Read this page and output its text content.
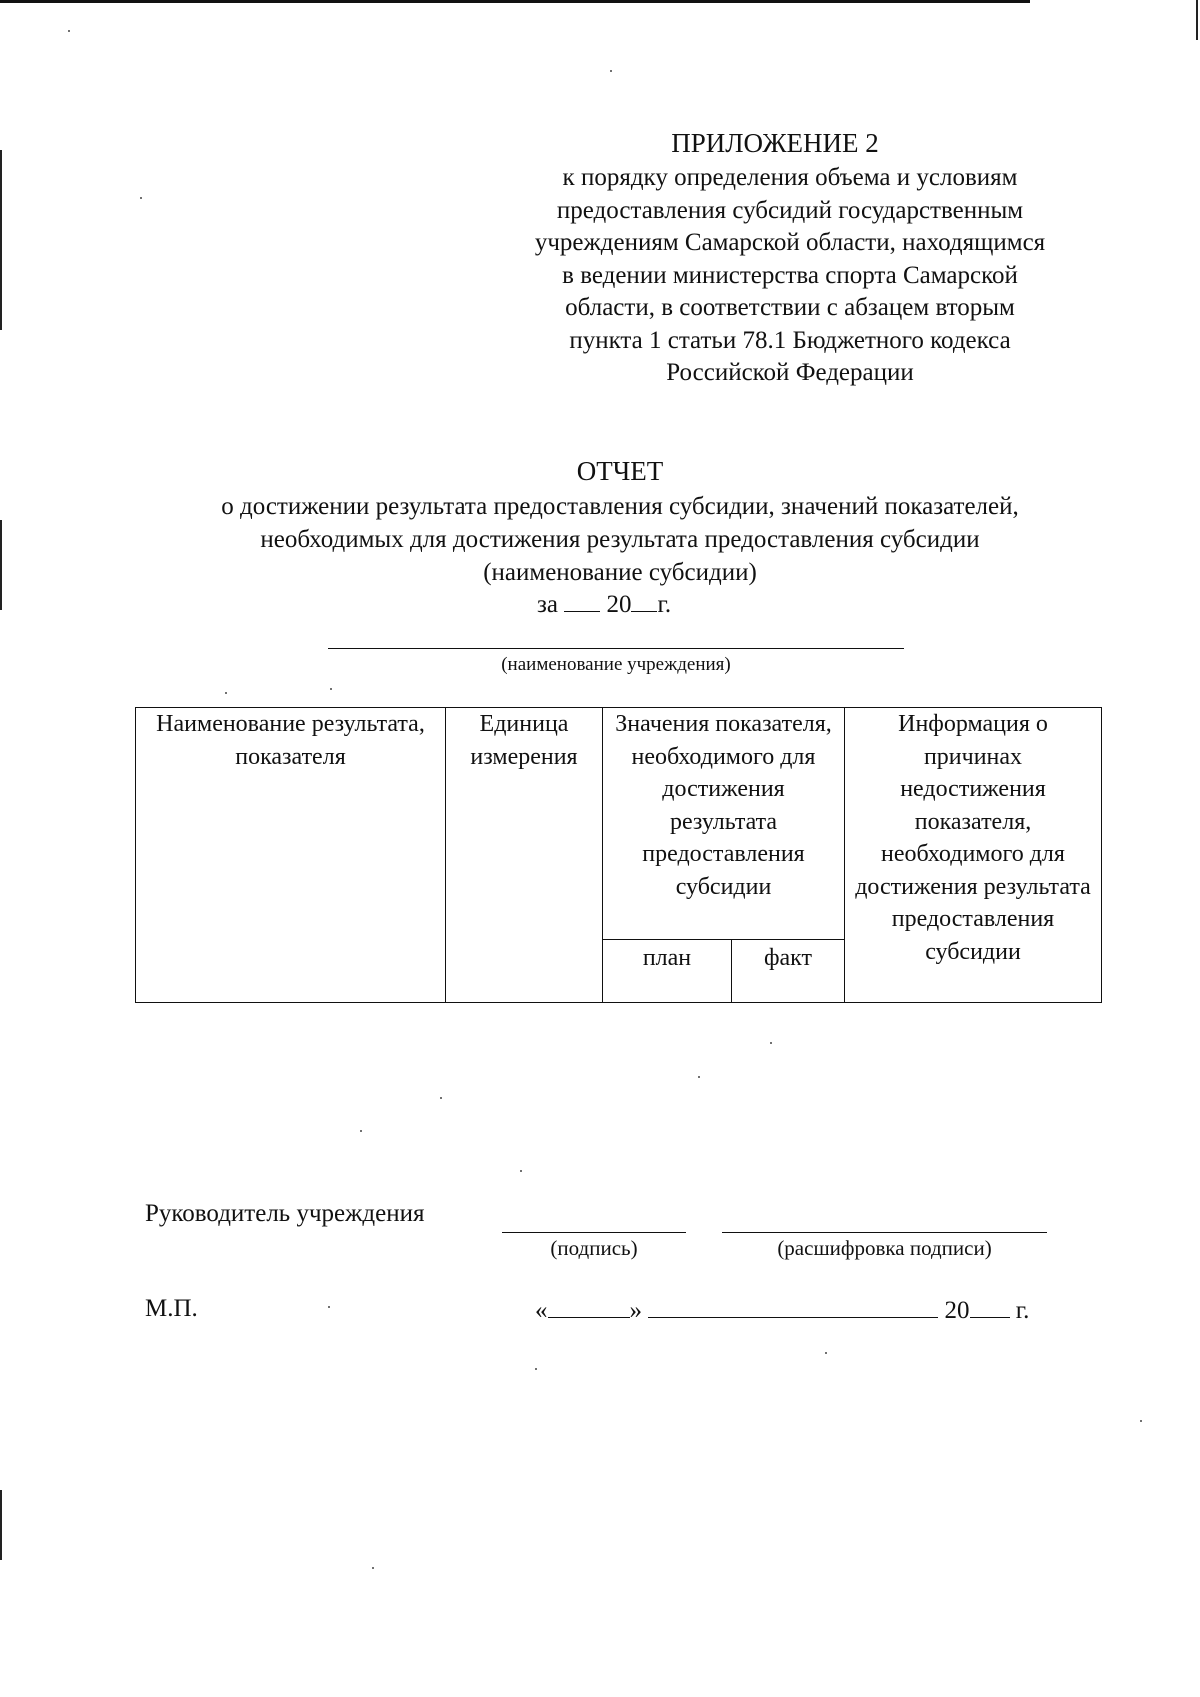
ПРИЛОЖЕНИЕ 2
к порядку определения объема и условиям
предоставления субсидий государственным
учреждениям Самарской области, находящимся
в ведении министерства спорта Самарской
области, в соответствии с абзацем вторым
пункта 1 статьи 78.1 Бюджетного кодекса
Российской Федерации
ОТЧЕТ
о достижении результата предоставления субсидии, значений показателей,
необходимых для достижения результата предоставления субсидии
(наименование субсидии)
за 20 г.
(наименование учреждения)
Наименование результата, показателя	Единица измерения	Значения показателя, необходимого для достижения результата предоставления субсидии		Информация о причинах недостижения показателя, необходимого для достижения результата предоставления субсидии
		план	факт	
Руководитель учреждения
(подпись)	(расшифровка подписи)
М.П.	«	»	20 г.
